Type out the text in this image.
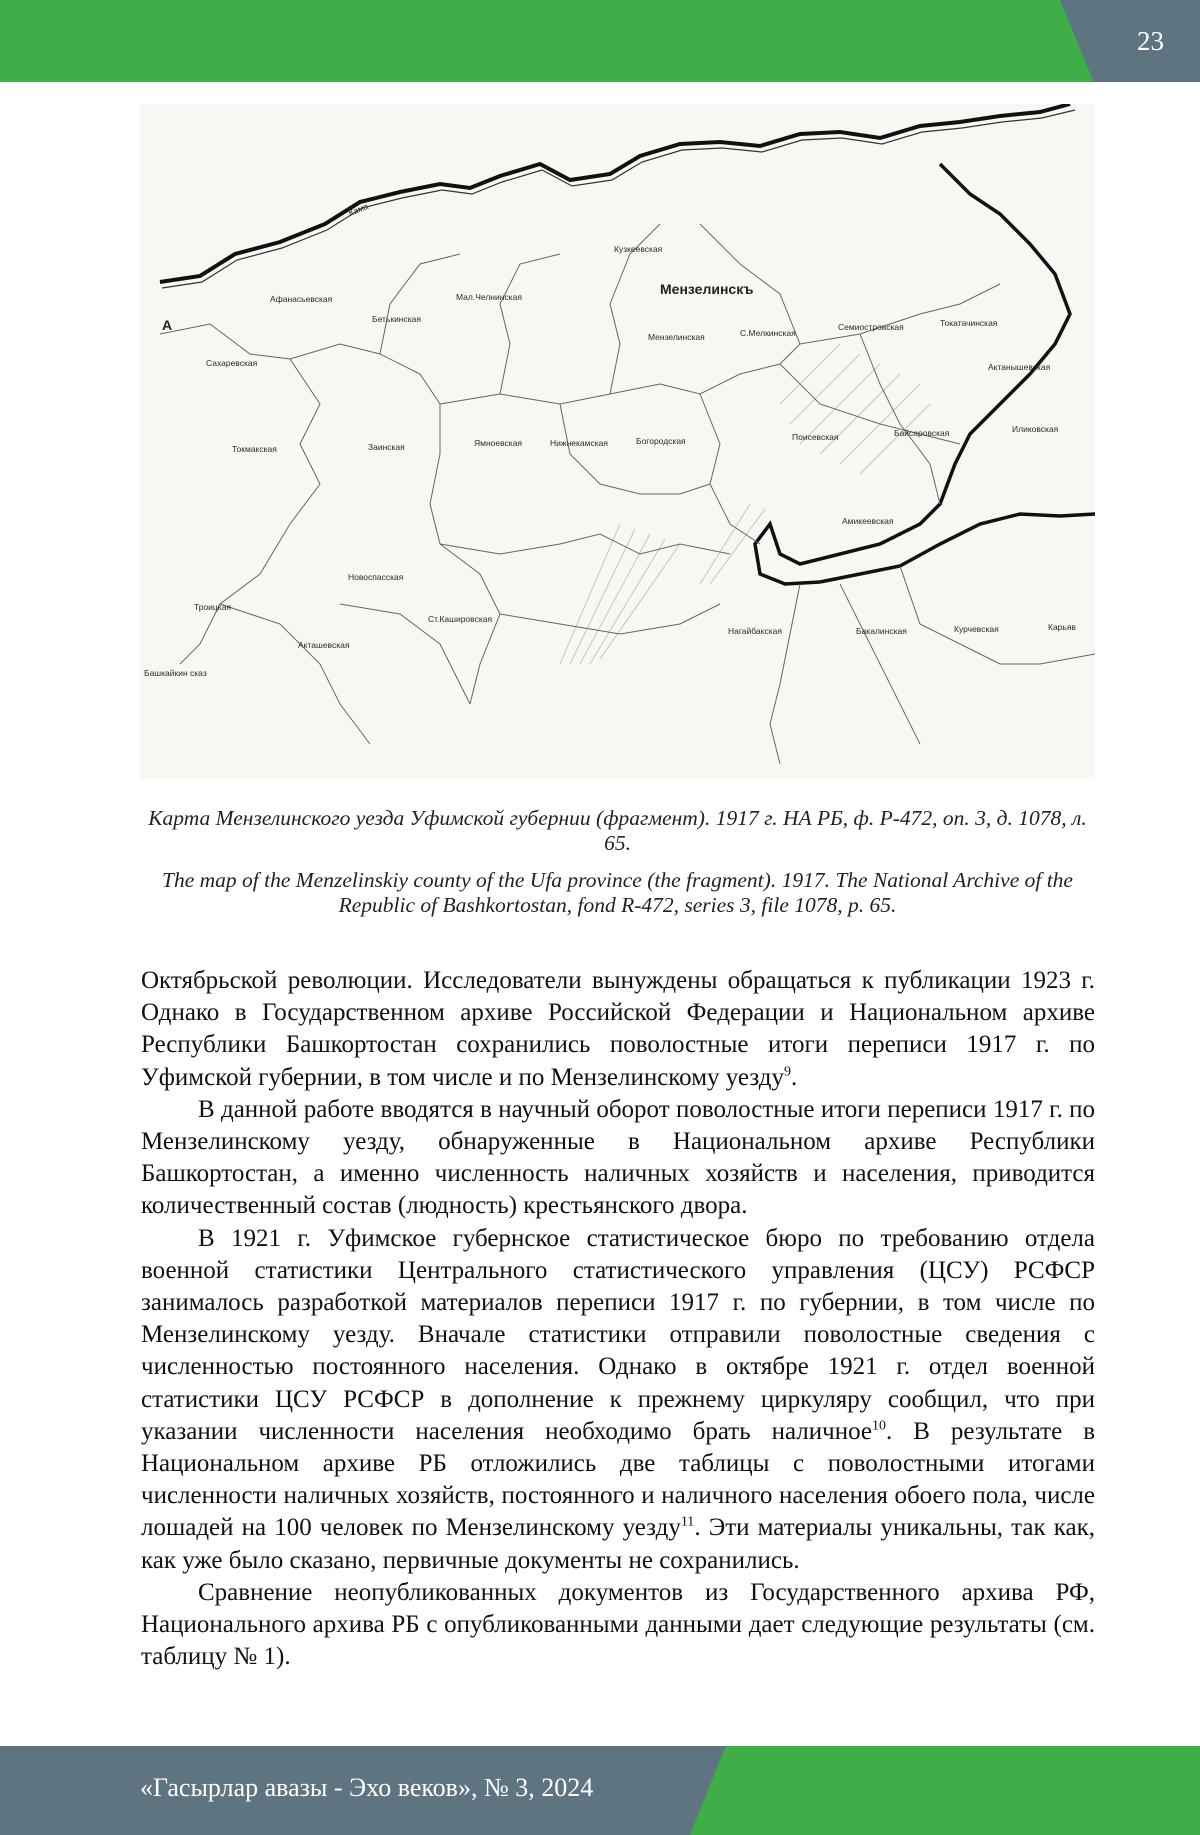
23
Кама
А
Мензелинскъ
Сахаревская
Афанасьевская
Бетькинская
Мал.Челнинская
Кузкеевская
Мензелинская	С.Мелкинская
Семиостровская	Токатачинская
Актанышевская
Токмакская	Заинская	Ямноевская	Нижнекамская	Богородская	Поисевская	Байсаровская	Иликовская
Новоспасская
Троицкая
Акташевская
Ст.Кашировская
Амикеевская
Нагайбакская	Бакалинская	Курчевская	Карьяв
Башкайкин сказ
Карта Мензелинского уезда Уфимской губернии (фрагмент). 1917 г. НА РБ, ф. Р-472, оп. 3, д. 1078, л. 65.
The map of the Menzelinskiy county of the Ufa province (the fragment). 1917. The National Archive of the Republic of Bashkortostan, fond R-472, series 3, file 1078, p. 65.

Октябрьской революции. Исследователи вынуждены обращаться к публикации 1923 г. Однако в Государственном архиве Российской Федерации и Национальном архиве Республики Башкортостан сохранились поволостные итоги переписи 1917 г. по Уфимской губернии, в том числе и по Мензелинскому уезду9.

В данной работе вводятся в научный оборот поволостные итоги переписи 1917 г. по Мензелинскому уезду, обнаруженные в Национальном архиве Республики Башкортостан, а именно численность наличных хозяйств и населения, приводится количественный состав (людность) крестьянского двора.

В 1921 г. Уфимское губернское статистическое бюро по требованию отдела военной статистики Центрального статистического управления (ЦСУ) РСФСР занималось разработкой материалов переписи 1917 г. по губернии, в том числе по Мензелинскому уезду. Вначале статистики отправили поволостные сведения с численностью постоянного населения. Однако в октябре 1921 г. отдел военной статистики ЦСУ РСФСР в дополнение к прежнему циркуляру сообщил, что при указании численности населения необходимо брать наличное10. В результате в Национальном архиве РБ отложились две таблицы с поволостными итогами численности наличных хозяйств, постоянного и наличного населения обоего пола, числе лошадей на 100 человек по Мензелинскому уезду11. Эти материалы уникальны, так как, как уже было сказано, первичные документы не сохранились.

Сравнение неопубликованных документов из Государственного архива РФ, Национального архива РБ с опубликованными данными дает следующие результаты (см. таблицу № 1).

«Гасырлар авазы - Эхо веков», № 3, 2024
